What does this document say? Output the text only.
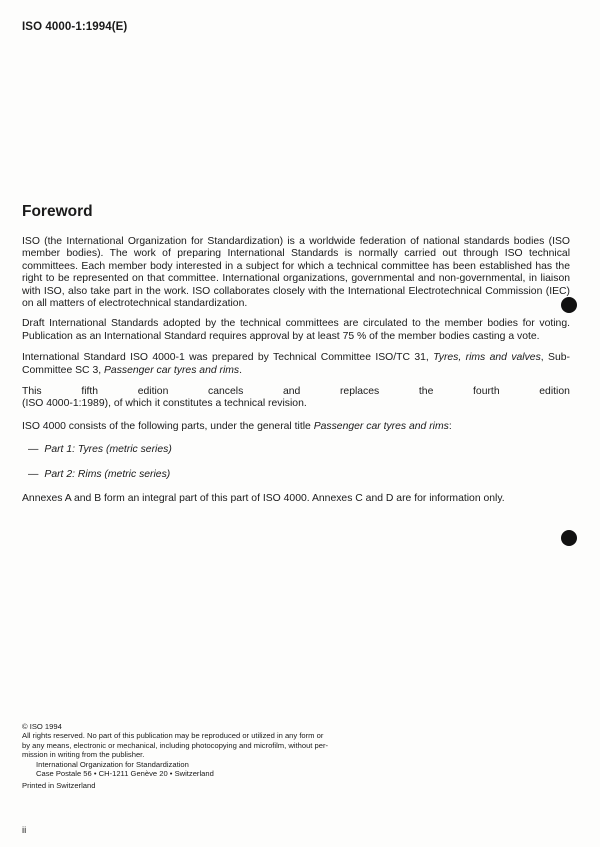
ISO 4000-1:1994(E)
Foreword

ISO (the International Organization for Standardization) is a worldwide federation of national standards bodies (ISO member bodies). The work of preparing International Standards is normally carried out through ISO technical committees. Each member body interested in a subject for which a technical committee has been established has the right to be represented on that committee. International organizations, governmental and non-governmental, in liaison with ISO, also take part in the work. ISO collaborates closely with the International Electrotechnical Commission (IEC) on all matters of electrotechnical standardization.

Draft International Standards adopted by the technical committees are circulated to the member bodies for voting. Publication as an International Standard requires approval by at least 75 % of the member bodies casting a vote.

International Standard ISO 4000-1 was prepared by Technical Committee ISO/TC 31, Tyres, rims and valves, Sub-Committee SC 3, Passenger car tyres and rims.

This	fifth	edition	cancels	and	replaces	the	fourth	edition
(ISO 4000-1:1989), of which it constitutes a technical revision.

ISO 4000 consists of the following parts, under the general title Passenger car tyres and rims:

— Part 1: Tyres (metric series)
— Part 2: Rims (metric series)

Annexes A and B form an integral part of this part of ISO 4000. Annexes C and D are for information only.

© ISO 1994
All rights reserved. No part of this publication may be reproduced or utilized in any form or
by any means, electronic or mechanical, including photocopying and microfilm, without per-
mission in writing from the publisher.
International Organization for Standardization
Case Postale 56 • CH-1211 Genève 20 • Switzerland
Printed in Switzerland
ii
